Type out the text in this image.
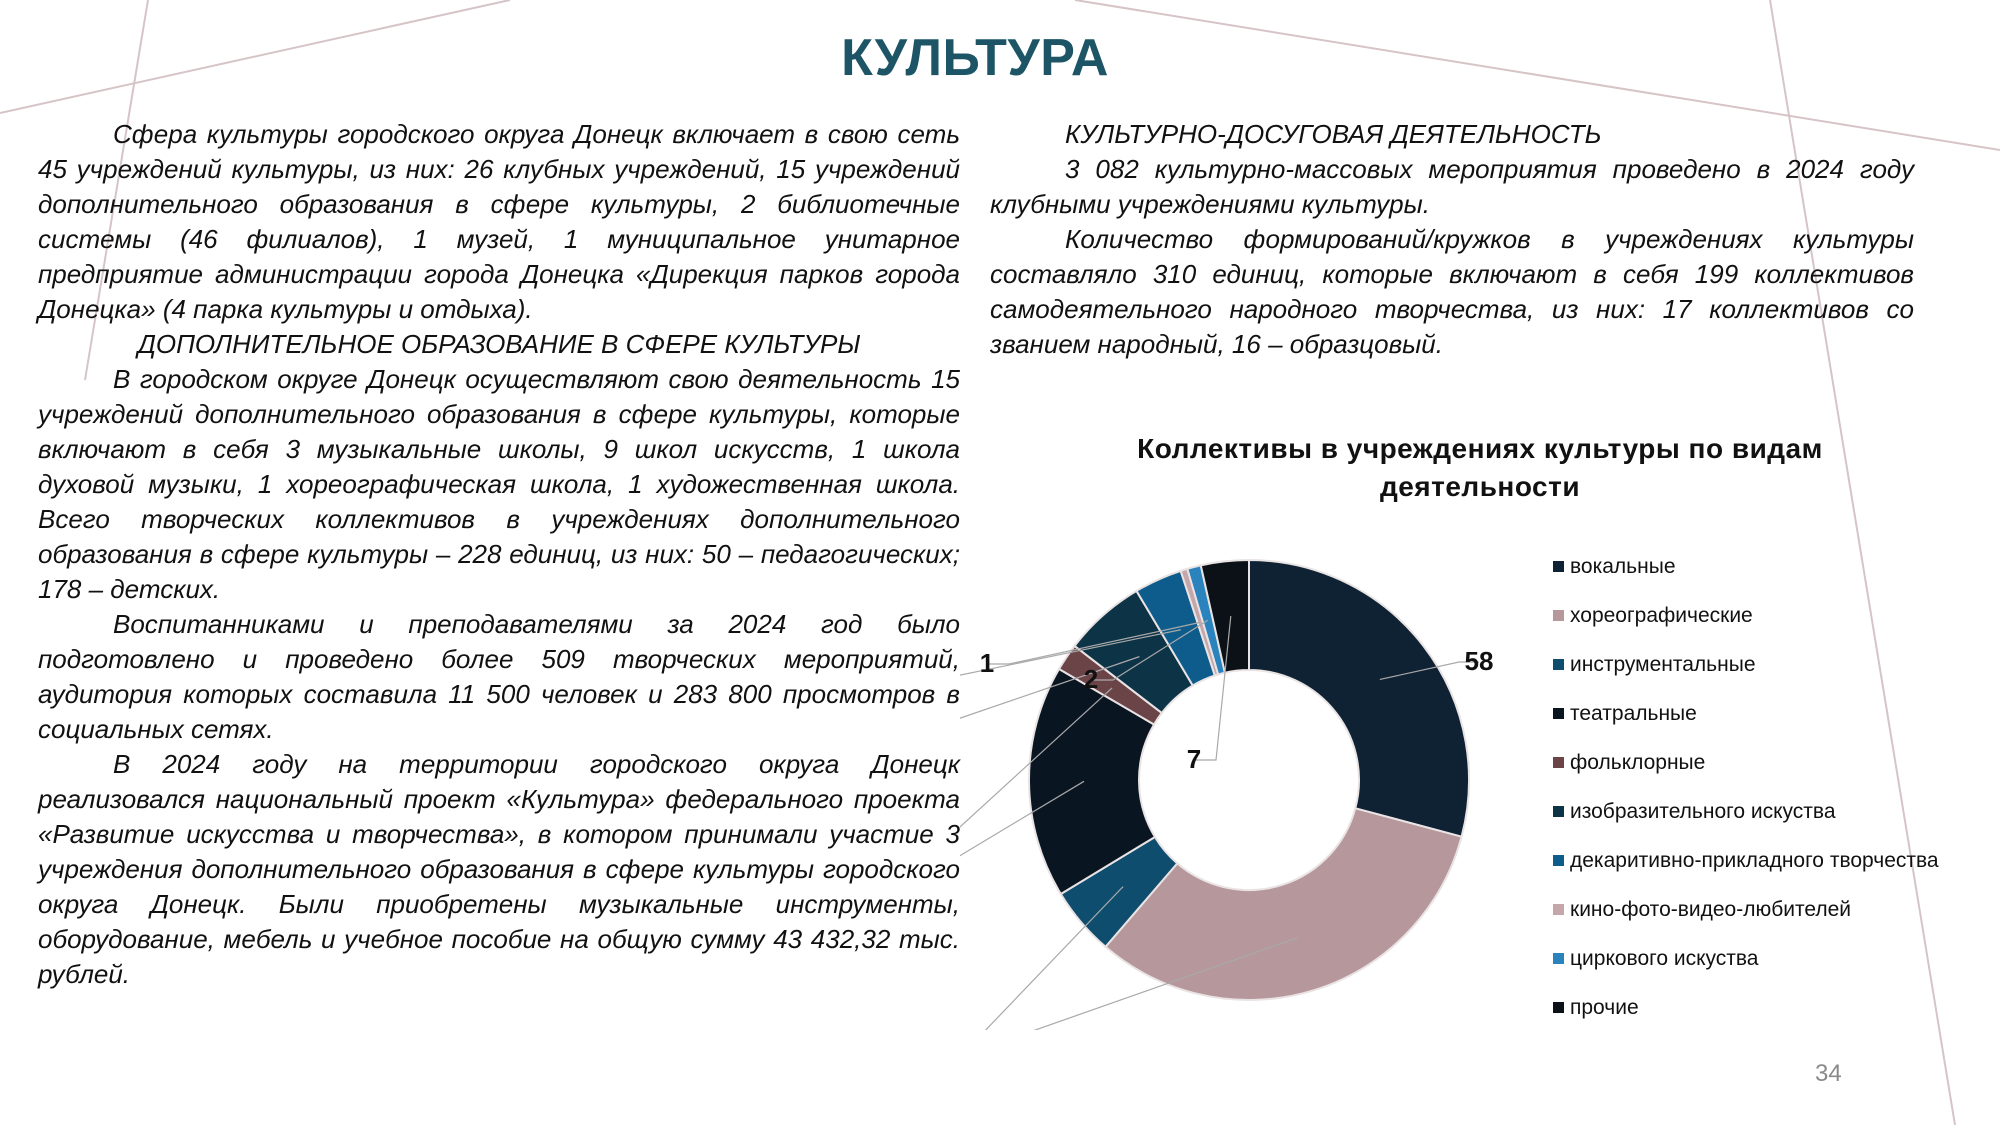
КУЛЬТУРА

Сфера культуры городского округа Донецк включает в свою сеть 45 учреждений культуры, из них: 26 клубных учреждений, 15 учреждений дополнительного образования в сфере культуры, 2 библиотечные системы (46 филиалов), 1 музей, 1 муниципальное унитарное предприятие администрации города Донецка «Дирекция парков города Донецка» (4 парка культуры и отдыха).

ДОПОЛНИТЕЛЬНОЕ ОБРАЗОВАНИЕ В СФЕРЕ КУЛЬТУРЫ

В городском округе Донецк осуществляют свою деятельность 15 учреждений дополнительного образования в сфере культуры, которые включают в себя 3 музыкальные школы, 9 школ искусств, 1 школа духовой музыки, 1 хореографическая школа, 1 художественная школа. Всего творческих коллективов в учреждениях дополнительного образования в сфере культуры – 228 единиц, из них: 50 – педагогических; 178 – детских.

Воспитанниками и преподавателями за 2024 год было подготовлено и проведено более 509 творческих мероприятий, аудитория которых составила 11 500 человек и 283 800 просмотров в социальных сетях.

В 2024 году на территории городского округа Донецк реализовался национальный проект «Культура» федерального проекта «Развитие искусства и творчества», в котором принимали участие 3 учреждения дополнительного образования в сфере культуры городского округа Донецк. Были приобретены музыкальные инструменты, оборудование, мебель и учебное пособие на общую сумму 43 432,32 тыс. рублей.

КУЛЬТУРНО-ДОСУГОВАЯ ДЕЯТЕЛЬНОСТЬ

3 082 культурно-массовых мероприятия проведено в 2024 году клубными учреждениями культуры.

Количество формирований/кружков в учреждениях культуры составляло 310 единиц, которые включают в себя 199 коллективов самодеятельного народного творчества, из них: 17 коллективов со званием народный, 16 – образцовый.

Коллективы в учреждениях культуры по видам деятельности
58
1
2
7
вокальные
хореографические
инструментальные
театральные
фольклорные
изобразительного искуства
декаритивно-прикладного творчества
кино-фото-видео-любителей
циркового искуства
прочие
34
